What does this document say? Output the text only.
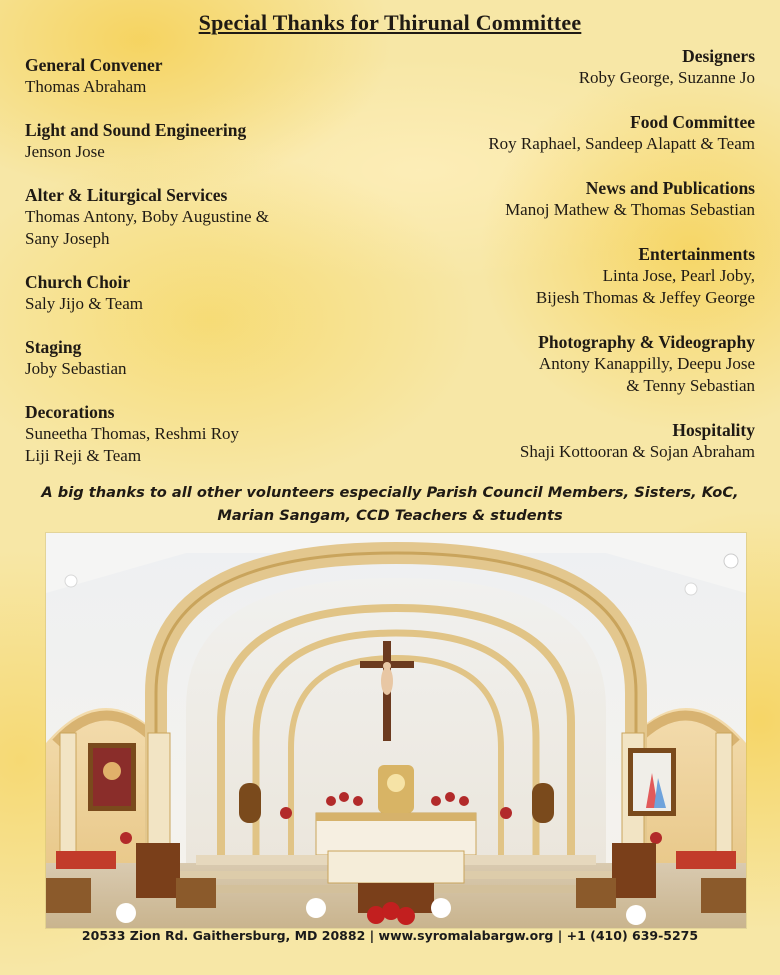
Special Thanks for Thirunal Committee
General Convener

Thomas Abraham

Light and Sound Engineering

Jenson Jose

Alter & Liturgical Services

Thomas Antony, Boby Augustine &
Sany Joseph

Church Choir

Saly Jijo & Team

Staging

Joby Sebastian

Decorations

Suneetha Thomas, Reshmi Roy
Liji Reji & Team

Designers

Roby George, Suzanne Jo

Food Committee

Roy Raphael, Sandeep Alapatt & Team

News and Publications

Manoj Mathew & Thomas Sebastian

Entertainments

Linta Jose, Pearl Joby,
Bijesh Thomas & Jeffey George

Photography & Videography

Antony Kanappilly, Deepu Jose
& Tenny Sebastian

Hospitality

Shaji Kottooran & Sojan Abraham

A big thanks to all other volunteers especially Parish Council Members, Sisters, KoC,
Marian Sangam, CCD Teachers & students
20533 Zion Rd. Gaithersburg, MD 20882 | www.syromalabargw.org | +1 (410) 639-5275
